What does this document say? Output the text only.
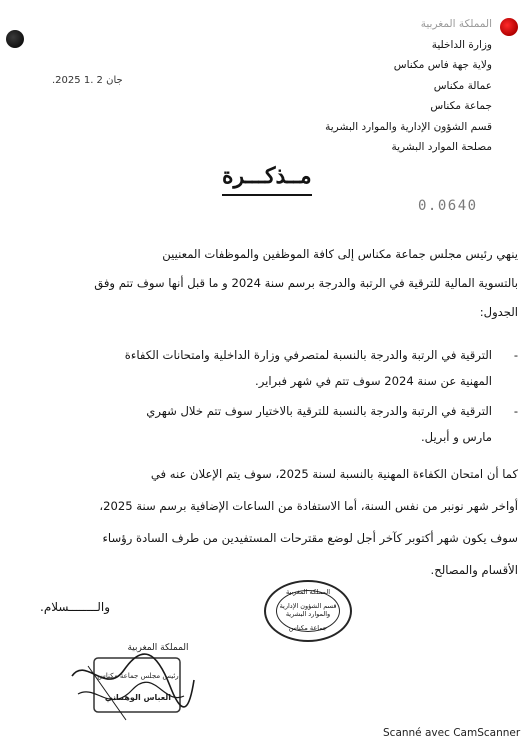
المملكة المغربية
وزارة الداخلية
ولاية جهة فاس مكناس
عمالة مكناس
جماعة مكناس
قسم الشؤون الإدارية والموارد البشرية
مصلحة الموارد البشرية
.2025 جان 2 .1
مــذكـــرة
0.0640
ينهي رئيس مجلس جماعة مكناس إلى كافة الموظفين والموظفات المعنيين
بالتسوية المالية للترقية في الرتبة والدرجة برسم سنة 2024 و ما قبل أنها سوف تتم وفق
الجدول:
-
الترقية في الرتبة والدرجة بالنسبة لمتصرفي وزارة الداخلية وامتحانات الكفاءة
المهنية عن سنة 2024 سوف تتم في شهر فبراير.
-
الترقية في الرتبة والدرجة بالنسبة للترقية بالاختيار سوف تتم خلال شهري
مارس و أبريل.
كما أن امتحان الكفاءة المهنية بالنسبة لسنة 2025، سوف يتم الإعلان عنه في
أواخر شهر نونبر من نفس السنة، أما الاستفادة من الساعات الإضافية برسم سنة 2025،
سوف يكون شهر أكتوبر كآخر أجل لوضع مقترحات المستفيدين من طرف السادة رؤساء
الأقسام والمصالح.
والــــــــسلام.
المملكة المغربية
قسم الشؤون الإدارية
والموارد البشرية
جماعة مكناس
المملكة المغربية
رئيس مجلس جماعة مكناس
العباس الوهماني
Scanné avec CamScanner
